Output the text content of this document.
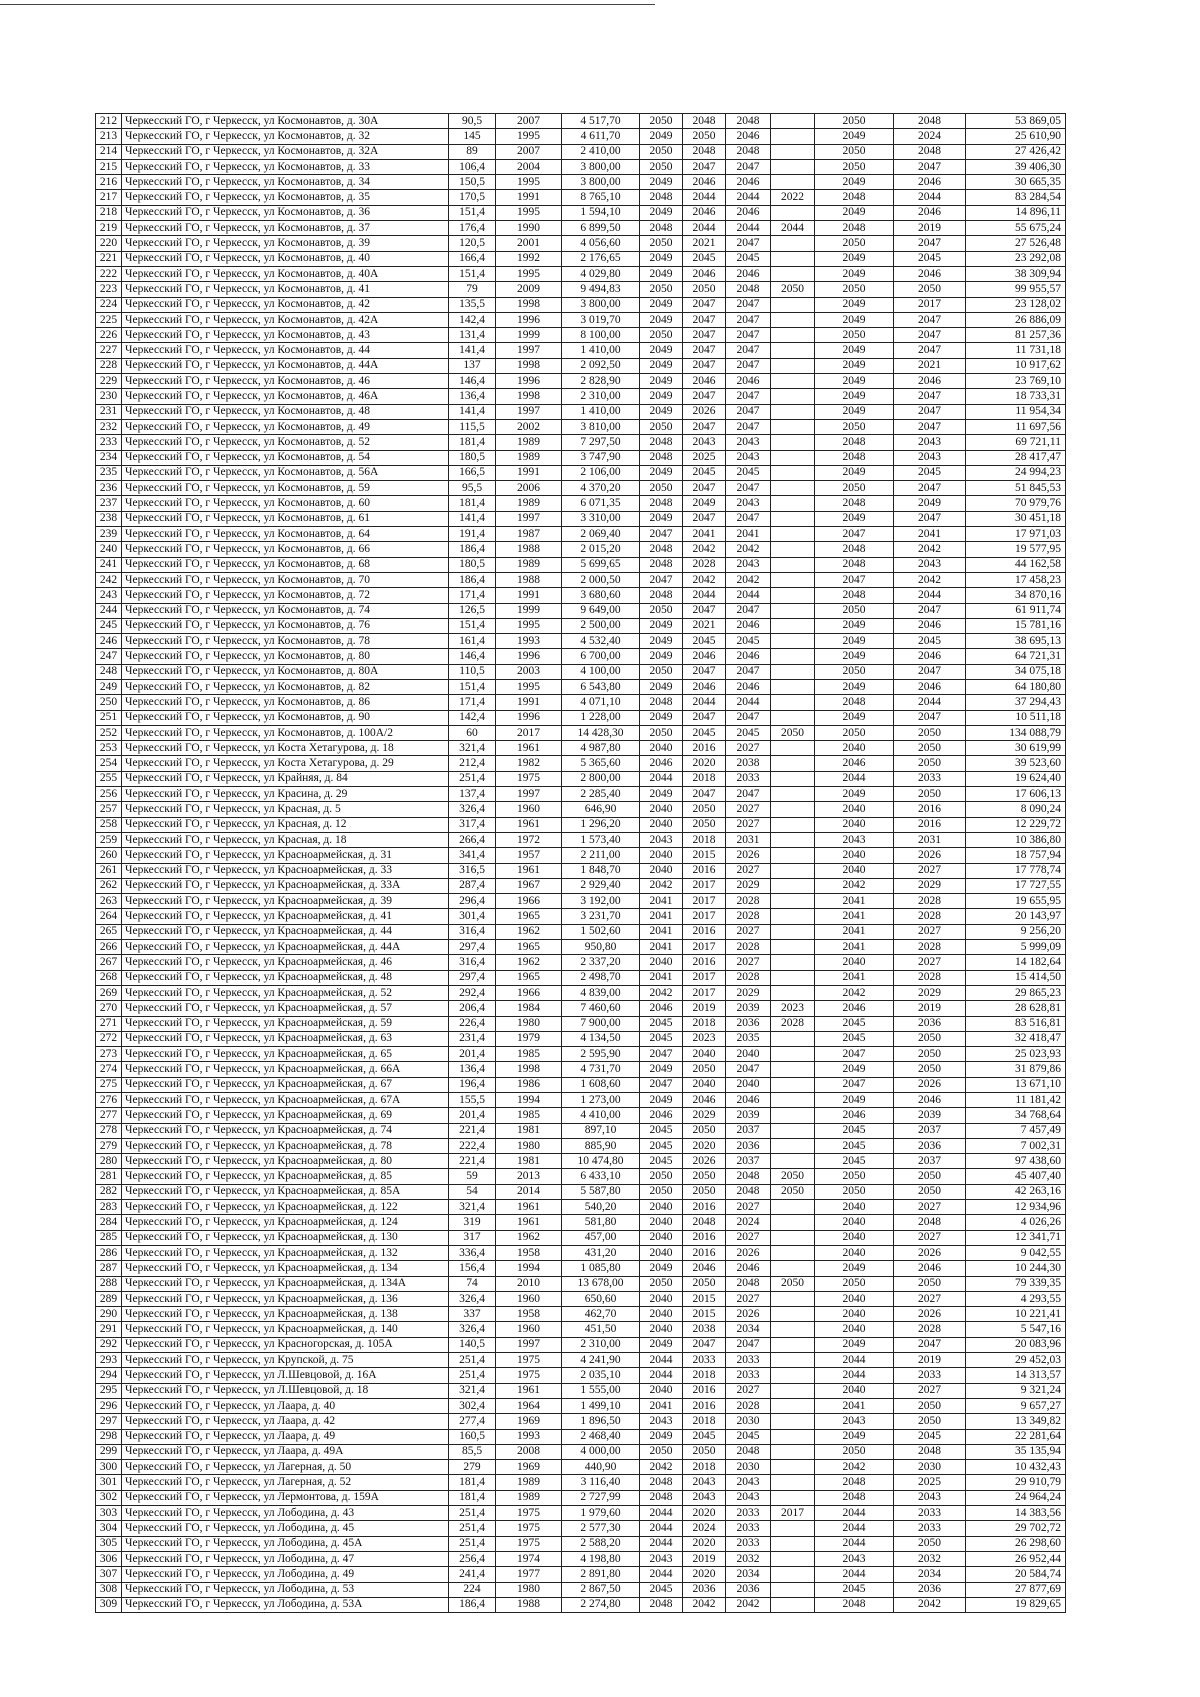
212	Черкесский ГО, г Черкесск, ул Космонавтов, д. 30А	90,5	2007	4 517,70	2050	2048	2048		2050	2048	53 869,05
213	Черкесский ГО, г Черкесск, ул Космонавтов, д. 32	145	1995	4 611,70	2049	2050	2046		2049	2024	25 610,90
214	Черкесский ГО, г Черкесск, ул Космонавтов, д. 32А	89	2007	2 410,00	2050	2048	2048		2050	2048	27 426,42
215	Черкесский ГО, г Черкесск, ул Космонавтов, д. 33	106,4	2004	3 800,00	2050	2047	2047		2050	2047	39 406,30
216	Черкесский ГО, г Черкесск, ул Космонавтов, д. 34	150,5	1995	3 800,00	2049	2046	2046		2049	2046	30 665,35
217	Черкесский ГО, г Черкесск, ул Космонавтов, д. 35	170,5	1991	8 765,10	2048	2044	2044	2022	2048	2044	83 284,54
218	Черкесский ГО, г Черкесск, ул Космонавтов, д. 36	151,4	1995	1 594,10	2049	2046	2046		2049	2046	14 896,11
219	Черкесский ГО, г Черкесск, ул Космонавтов, д. 37	176,4	1990	6 899,50	2048	2044	2044	2044	2048	2019	55 675,24
220	Черкесский ГО, г Черкесск, ул Космонавтов, д. 39	120,5	2001	4 056,60	2050	2021	2047		2050	2047	27 526,48
221	Черкесский ГО, г Черкесск, ул Космонавтов, д. 40	166,4	1992	2 176,65	2049	2045	2045		2049	2045	23 292,08
222	Черкесский ГО, г Черкесск, ул Космонавтов, д. 40А	151,4	1995	4 029,80	2049	2046	2046		2049	2046	38 309,94
223	Черкесский ГО, г Черкесск, ул Космонавтов, д. 41	79	2009	9 494,83	2050	2050	2048	2050	2050	2050	99 955,57
224	Черкесский ГО, г Черкесск, ул Космонавтов, д. 42	135,5	1998	3 800,00	2049	2047	2047		2049	2017	23 128,02
225	Черкесский ГО, г Черкесск, ул Космонавтов, д. 42А	142,4	1996	3 019,70	2049	2047	2047		2049	2047	26 886,09
226	Черкесский ГО, г Черкесск, ул Космонавтов, д. 43	131,4	1999	8 100,00	2050	2047	2047		2050	2047	81 257,36
227	Черкесский ГО, г Черкесск, ул Космонавтов, д. 44	141,4	1997	1 410,00	2049	2047	2047		2049	2047	11 731,18
228	Черкесский ГО, г Черкесск, ул Космонавтов, д. 44А	137	1998	2 092,50	2049	2047	2047		2049	2021	10 917,62
229	Черкесский ГО, г Черкесск, ул Космонавтов, д. 46	146,4	1996	2 828,90	2049	2046	2046		2049	2046	23 769,10
230	Черкесский ГО, г Черкесск, ул Космонавтов, д. 46А	136,4	1998	2 310,00	2049	2047	2047		2049	2047	18 733,31
231	Черкесский ГО, г Черкесск, ул Космонавтов, д. 48	141,4	1997	1 410,00	2049	2026	2047		2049	2047	11 954,34
232	Черкесский ГО, г Черкесск, ул Космонавтов, д. 49	115,5	2002	3 810,00	2050	2047	2047		2050	2047	11 697,56
233	Черкесский ГО, г Черкесск, ул Космонавтов, д. 52	181,4	1989	7 297,50	2048	2043	2043		2048	2043	69 721,11
234	Черкесский ГО, г Черкесск, ул Космонавтов, д. 54	180,5	1989	3 747,90	2048	2025	2043		2048	2043	28 417,47
235	Черкесский ГО, г Черкесск, ул Космонавтов, д. 56А	166,5	1991	2 106,00	2049	2045	2045		2049	2045	24 994,23
236	Черкесский ГО, г Черкесск, ул Космонавтов, д. 59	95,5	2006	4 370,20	2050	2047	2047		2050	2047	51 845,53
237	Черкесский ГО, г Черкесск, ул Космонавтов, д. 60	181,4	1989	6 071,35	2048	2049	2043		2048	2049	70 979,76
238	Черкесский ГО, г Черкесск, ул Космонавтов, д. 61	141,4	1997	3 310,00	2049	2047	2047		2049	2047	30 451,18
239	Черкесский ГО, г Черкесск, ул Космонавтов, д. 64	191,4	1987	2 069,40	2047	2041	2041		2047	2041	17 971,03
240	Черкесский ГО, г Черкесск, ул Космонавтов, д. 66	186,4	1988	2 015,20	2048	2042	2042		2048	2042	19 577,95
241	Черкесский ГО, г Черкесск, ул Космонавтов, д. 68	180,5	1989	5 699,65	2048	2028	2043		2048	2043	44 162,58
242	Черкесский ГО, г Черкесск, ул Космонавтов, д. 70	186,4	1988	2 000,50	2047	2042	2042		2047	2042	17 458,23
243	Черкесский ГО, г Черкесск, ул Космонавтов, д. 72	171,4	1991	3 680,60	2048	2044	2044		2048	2044	34 870,16
244	Черкесский ГО, г Черкесск, ул Космонавтов, д. 74	126,5	1999	9 649,00	2050	2047	2047		2050	2047	61 911,74
245	Черкесский ГО, г Черкесск, ул Космонавтов, д. 76	151,4	1995	2 500,00	2049	2021	2046		2049	2046	15 781,16
246	Черкесский ГО, г Черкесск, ул Космонавтов, д. 78	161,4	1993	4 532,40	2049	2045	2045		2049	2045	38 695,13
247	Черкесский ГО, г Черкесск, ул Космонавтов, д. 80	146,4	1996	6 700,00	2049	2046	2046		2049	2046	64 721,31
248	Черкесский ГО, г Черкесск, ул Космонавтов, д. 80А	110,5	2003	4 100,00	2050	2047	2047		2050	2047	34 075,18
249	Черкесский ГО, г Черкесск, ул Космонавтов, д. 82	151,4	1995	6 543,80	2049	2046	2046		2049	2046	64 180,80
250	Черкесский ГО, г Черкесск, ул Космонавтов, д. 86	171,4	1991	4 071,10	2048	2044	2044		2048	2044	37 294,43
251	Черкесский ГО, г Черкесск, ул Космонавтов, д. 90	142,4	1996	1 228,00	2049	2047	2047		2049	2047	10 511,18
252	Черкесский ГО, г Черкесск, ул Космонавтов, д. 100А/2	60	2017	14 428,30	2050	2045	2045	2050	2050	2050	134 088,79
253	Черкесский ГО, г Черкесск, ул Коста Хетагурова, д. 18	321,4	1961	4 987,80	2040	2016	2027		2040	2050	30 619,99
254	Черкесский ГО, г Черкесск, ул Коста Хетагурова, д. 29	212,4	1982	5 365,60	2046	2020	2038		2046	2050	39 523,60
255	Черкесский ГО, г Черкесск, ул Крайняя, д. 84	251,4	1975	2 800,00	2044	2018	2033		2044	2033	19 624,40
256	Черкесский ГО, г Черкесск, ул Красина, д. 29	137,4	1997	2 285,40	2049	2047	2047		2049	2050	17 606,13
257	Черкесский ГО, г Черкесск, ул Красная, д. 5	326,4	1960	646,90	2040	2050	2027		2040	2016	8 090,24
258	Черкесский ГО, г Черкесск, ул Красная, д. 12	317,4	1961	1 296,20	2040	2050	2027		2040	2016	12 229,72
259	Черкесский ГО, г Черкесск, ул Красная, д. 18	266,4	1972	1 573,40	2043	2018	2031		2043	2031	10 386,80
260	Черкесский ГО, г Черкесск, ул Красноармейская, д. 31	341,4	1957	2 211,00	2040	2015	2026		2040	2026	18 757,94
261	Черкесский ГО, г Черкесск, ул Красноармейская, д. 33	316,5	1961	1 848,70	2040	2016	2027		2040	2027	17 778,74
262	Черкесский ГО, г Черкесск, ул Красноармейская, д. 33А	287,4	1967	2 929,40	2042	2017	2029		2042	2029	17 727,55
263	Черкесский ГО, г Черкесск, ул Красноармейская, д. 39	296,4	1966	3 192,00	2041	2017	2028		2041	2028	19 655,95
264	Черкесский ГО, г Черкесск, ул Красноармейская, д. 41	301,4	1965	3 231,70	2041	2017	2028		2041	2028	20 143,97
265	Черкесский ГО, г Черкесск, ул Красноармейская, д. 44	316,4	1962	1 502,60	2041	2016	2027		2041	2027	9 256,20
266	Черкесский ГО, г Черкесск, ул Красноармейская, д. 44А	297,4	1965	950,80	2041	2017	2028		2041	2028	5 999,09
267	Черкесский ГО, г Черкесск, ул Красноармейская, д. 46	316,4	1962	2 337,20	2040	2016	2027		2040	2027	14 182,64
268	Черкесский ГО, г Черкесск, ул Красноармейская, д. 48	297,4	1965	2 498,70	2041	2017	2028		2041	2028	15 414,50
269	Черкесский ГО, г Черкесск, ул Красноармейская, д. 52	292,4	1966	4 839,00	2042	2017	2029		2042	2029	29 865,23
270	Черкесский ГО, г Черкесск, ул Красноармейская, д. 57	206,4	1984	7 460,60	2046	2019	2039	2023	2046	2019	28 628,81
271	Черкесский ГО, г Черкесск, ул Красноармейская, д. 59	226,4	1980	7 900,00	2045	2018	2036	2028	2045	2036	83 516,81
272	Черкесский ГО, г Черкесск, ул Красноармейская, д. 63	231,4	1979	4 134,50	2045	2023	2035		2045	2050	32 418,47
273	Черкесский ГО, г Черкесск, ул Красноармейская, д. 65	201,4	1985	2 595,90	2047	2040	2040		2047	2050	25 023,93
274	Черкесский ГО, г Черкесск, ул Красноармейская, д. 66А	136,4	1998	4 731,70	2049	2050	2047		2049	2050	31 879,86
275	Черкесский ГО, г Черкесск, ул Красноармейская, д. 67	196,4	1986	1 608,60	2047	2040	2040		2047	2026	13 671,10
276	Черкесский ГО, г Черкесск, ул Красноармейская, д. 67А	155,5	1994	1 273,00	2049	2046	2046		2049	2046	11 181,42
277	Черкесский ГО, г Черкесск, ул Красноармейская, д. 69	201,4	1985	4 410,00	2046	2029	2039		2046	2039	34 768,64
278	Черкесский ГО, г Черкесск, ул Красноармейская, д. 74	221,4	1981	897,10	2045	2050	2037		2045	2037	7 457,49
279	Черкесский ГО, г Черкесск, ул Красноармейская, д. 78	222,4	1980	885,90	2045	2020	2036		2045	2036	7 002,31
280	Черкесский ГО, г Черкесск, ул Красноармейская, д. 80	221,4	1981	10 474,80	2045	2026	2037		2045	2037	97 438,60
281	Черкесский ГО, г Черкесск, ул Красноармейская, д. 85	59	2013	6 433,10	2050	2050	2048	2050	2050	2050	45 407,40
282	Черкесский ГО, г Черкесск, ул Красноармейская, д. 85А	54	2014	5 587,80	2050	2050	2048	2050	2050	2050	42 263,16
283	Черкесский ГО, г Черкесск, ул Красноармейская, д. 122	321,4	1961	540,20	2040	2016	2027		2040	2027	12 934,96
284	Черкесский ГО, г Черкесск, ул Красноармейская, д. 124	319	1961	581,80	2040	2048	2024		2040	2048	4 026,26
285	Черкесский ГО, г Черкесск, ул Красноармейская, д. 130	317	1962	457,00	2040	2016	2027		2040	2027	12 341,71
286	Черкесский ГО, г Черкесск, ул Красноармейская, д. 132	336,4	1958	431,20	2040	2016	2026		2040	2026	9 042,55
287	Черкесский ГО, г Черкесск, ул Красноармейская, д. 134	156,4	1994	1 085,80	2049	2046	2046		2049	2046	10 244,30
288	Черкесский ГО, г Черкесск, ул Красноармейская, д. 134А	74	2010	13 678,00	2050	2050	2048	2050	2050	2050	79 339,35
289	Черкесский ГО, г Черкесск, ул Красноармейская, д. 136	326,4	1960	650,60	2040	2015	2027		2040	2027	4 293,55
290	Черкесский ГО, г Черкесск, ул Красноармейская, д. 138	337	1958	462,70	2040	2015	2026		2040	2026	10 221,41
291	Черкесский ГО, г Черкесск, ул Красноармейская, д. 140	326,4	1960	451,50	2040	2038	2034		2040	2028	5 547,16
292	Черкесский ГО, г Черкесск, ул Красногорская, д. 105А	140,5	1997	2 310,00	2049	2047	2047		2049	2047	20 083,96
293	Черкесский ГО, г Черкесск, ул Крупской, д. 75	251,4	1975	4 241,90	2044	2033	2033		2044	2019	29 452,03
294	Черкесский ГО, г Черкесск, ул Л.Шевцовой, д. 16А	251,4	1975	2 035,10	2044	2018	2033		2044	2033	14 313,57
295	Черкесский ГО, г Черкесск, ул Л.Шевцовой, д. 18	321,4	1961	1 555,00	2040	2016	2027		2040	2027	9 321,24
296	Черкесский ГО, г Черкесск, ул Лаара, д. 40	302,4	1964	1 499,10	2041	2016	2028		2041	2050	9 657,27
297	Черкесский ГО, г Черкесск, ул Лаара, д. 42	277,4	1969	1 896,50	2043	2018	2030		2043	2050	13 349,82
298	Черкесский ГО, г Черкесск, ул Лаара, д. 49	160,5	1993	2 468,40	2049	2045	2045		2049	2045	22 281,64
299	Черкесский ГО, г Черкесск, ул Лаара, д. 49А	85,5	2008	4 000,00	2050	2050	2048		2050	2048	35 135,94
300	Черкесский ГО, г Черкесск, ул Лагерная, д. 50	279	1969	440,90	2042	2018	2030		2042	2030	10 432,43
301	Черкесский ГО, г Черкесск, ул Лагерная, д. 52	181,4	1989	3 116,40	2048	2043	2043		2048	2025	29 910,79
302	Черкесский ГО, г Черкесск, ул Лермонтова, д. 159А	181,4	1989	2 727,99	2048	2043	2043		2048	2043	24 964,24
303	Черкесский ГО, г Черкесск, ул Лободина, д. 43	251,4	1975	1 979,60	2044	2020	2033	2017	2044	2033	14 383,56
304	Черкесский ГО, г Черкесск, ул Лободина, д. 45	251,4	1975	2 577,30	2044	2024	2033		2044	2033	29 702,72
305	Черкесский ГО, г Черкесск, ул Лободина, д. 45А	251,4	1975	2 588,20	2044	2020	2033		2044	2050	26 298,60
306	Черкесский ГО, г Черкесск, ул Лободина, д. 47	256,4	1974	4 198,80	2043	2019	2032		2043	2032	26 952,44
307	Черкесский ГО, г Черкесск, ул Лободина, д. 49	241,4	1977	2 891,80	2044	2020	2034		2044	2034	20 584,74
308	Черкесский ГО, г Черкесск, ул Лободина, д. 53	224	1980	2 867,50	2045	2036	2036		2045	2036	27 877,69
309	Черкесский ГО, г Черкесск, ул Лободина, д. 53А	186,4	1988	2 274,80	2048	2042	2042		2048	2042	19 829,65
